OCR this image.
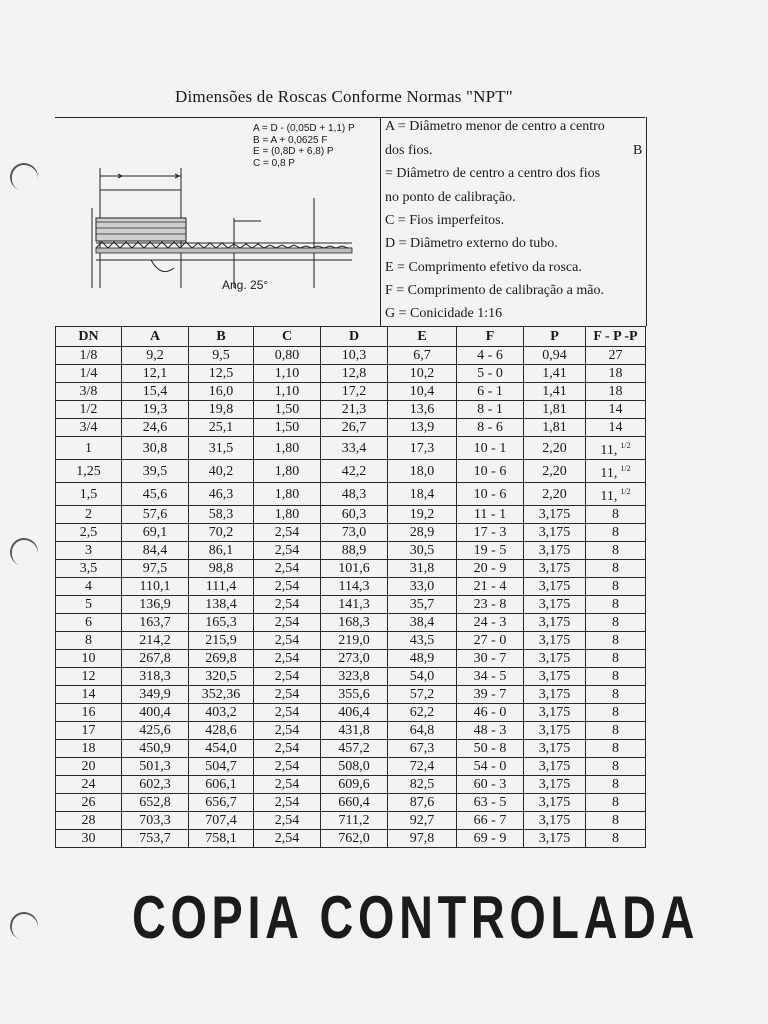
Dimensões de Roscas Conforme Normas "NPT"
A = D - (0,05D + 1,1) P
B = A + 0,0625 F
E = (0,8D + 6,8) P
C = 0,8 P
Ang. 25°
A = Diâmetro menor de centro a centro
dos fios.	B
= Diâmetro de centro a centro dos fios
no ponto de calibração.
C = Fios imperfeitos.
D = Diâmetro externo do tubo.
E = Comprimento efetivo da rosca.
F = Comprimento de calibração a mão.
G = Conicidade 1:16
DN	A	B	C	D	E	F	P	F - P -P
1/8	9,2	9,5	0,80	10,3	6,7	4 - 6	0,94	27
1/4	12,1	12,5	1,10	12,8	10,2	5 - 0	1,41	18
3/8	15,4	16,0	1,10	17,2	10,4	6 - 1	1,41	18
1/2	19,3	19,8	1,50	21,3	13,6	8 - 1	1,81	14
3/4	24,6	25,1	1,50	26,7	13,9	8 - 6	1,81	14
1	30,8	31,5	1,80	33,4	17,3	10 - 1	2,20	11, $^{1/2}$
1,25	39,5	40,2	1,80	42,2	18,0	10 - 6	2,20	11, $^{1/2}$
1,5	45,6	46,3	1,80	48,3	18,4	10 - 6	2,20	11, $^{1/2}$
2	57,6	58,3	1,80	60,3	19,2	11 - 1	3,175	8
2,5	69,1	70,2	2,54	73,0	28,9	17 - 3	3,175	8
3	84,4	86,1	2,54	88,9	30,5	19 - 5	3,175	8
3,5	97,5	98,8	2,54	101,6	31,8	20 - 9	3,175	8
4	110,1	111,4	2,54	114,3	33,0	21 - 4	3,175	8
5	136,9	138,4	2,54	141,3	35,7	23 - 8	3,175	8
6	163,7	165,3	2,54	168,3	38,4	24 - 3	3,175	8
8	214,2	215,9	2,54	219,0	43,5	27 - 0	3,175	8
10	267,8	269,8	2,54	273,0	48,9	30 - 7	3,175	8
12	318,3	320,5	2,54	323,8	54,0	34 - 5	3,175	8
14	349,9	352,36	2,54	355,6	57,2	39 - 7	3,175	8
16	400,4	403,2	2,54	406,4	62,2	46 - 0	3,175	8
17	425,6	428,6	2,54	431,8	64,8	48 - 3	3,175	8
18	450,9	454,0	2,54	457,2	67,3	50 - 8	3,175	8
20	501,3	504,7	2,54	508,0	72,4	54 - 0	3,175	8
24	602,3	606,1	2,54	609,6	82,5	60 - 3	3,175	8
26	652,8	656,7	2,54	660,4	87,6	63 - 5	3,175	8
28	703,3	707,4	2,54	711,2	92,7	66 - 7	3,175	8
30	753,7	758,1	2,54	762,0	97,8	69 - 9	3,175	8
COPIA CONTROLADA
